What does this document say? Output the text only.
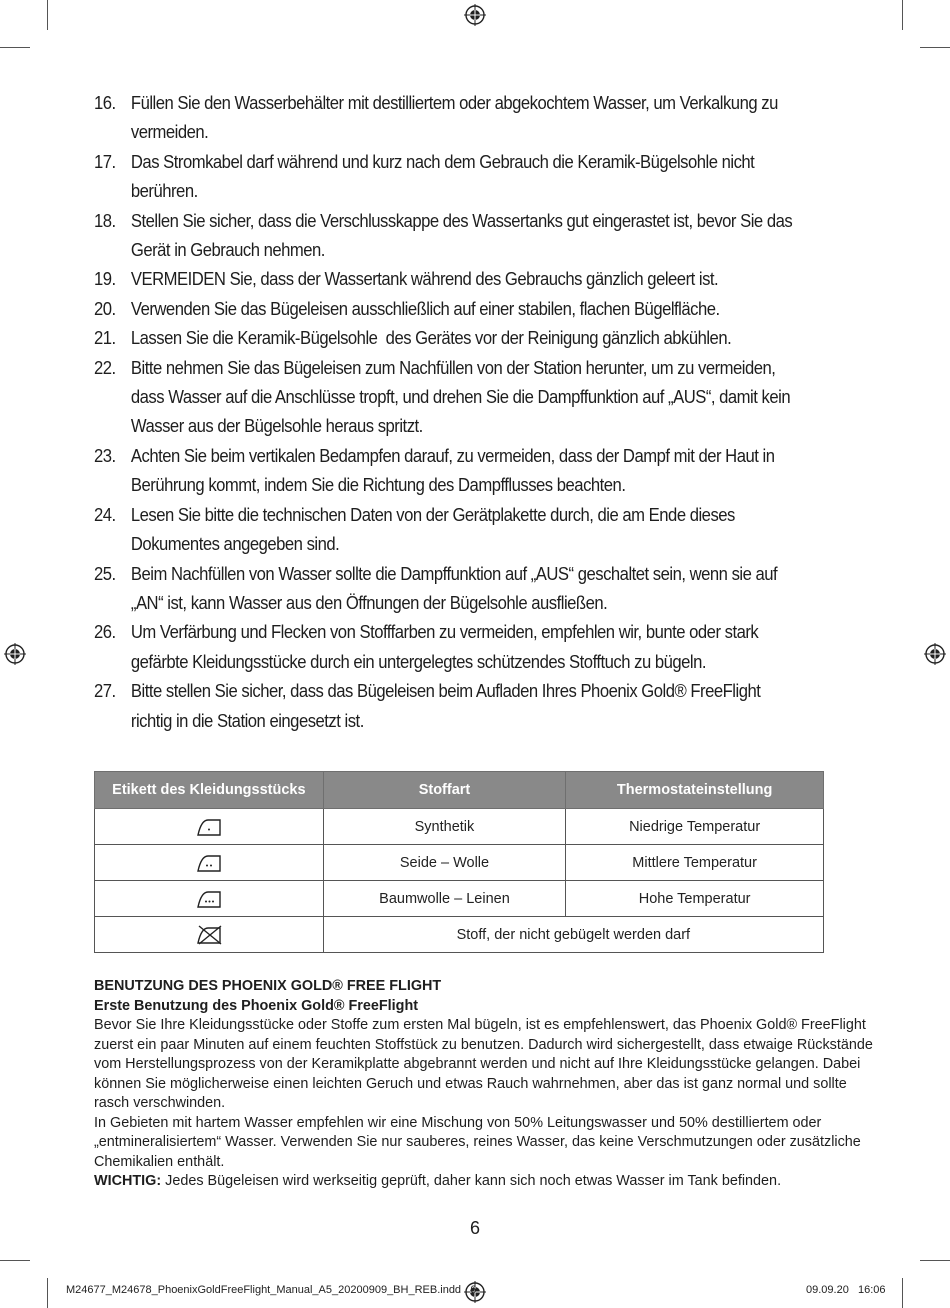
16. Füllen Sie den Wasserbehälter mit destilliertem oder abgekochtem Wasser, um Verkalkung zu
vermeiden.
17. Das Stromkabel darf während und kurz nach dem Gebrauch die Keramik-Bügelsohle nicht
berühren.
18. Stellen Sie sicher, dass die Verschlusskappe des Wassertanks gut eingerastet ist, bevor Sie das
Gerät in Gebrauch nehmen.
19. VERMEIDEN Sie, dass der Wassertank während des Gebrauchs gänzlich geleert ist.
20. Verwenden Sie das Bügeleisen ausschließlich auf einer stabilen, flachen Bügelfläche.
21. Lassen Sie die Keramik-Bügelsohle  des Gerätes vor der Reinigung gänzlich abkühlen.
22. Bitte nehmen Sie das Bügeleisen zum Nachfüllen von der Station herunter, um zu vermeiden,
dass Wasser auf die Anschlüsse tropft, und drehen Sie die Dampffunktion auf „AUS“, damit kein
Wasser aus der Bügelsohle heraus spritzt.
23. Achten Sie beim vertikalen Bedampfen darauf, zu vermeiden, dass der Dampf mit der Haut in
Berührung kommt, indem Sie die Richtung des Dampfflusses beachten.
24. Lesen Sie bitte die technischen Daten von der Gerätplakette durch, die am Ende dieses
Dokumentes angegeben sind.
25. Beim Nachfüllen von Wasser sollte die Dampffunktion auf „AUS“ geschaltet sein, wenn sie auf
„AN“ ist, kann Wasser aus den Öffnungen der Bügelsohle ausfließen.
26. Um Verfärbung und Flecken von Stofffarben zu vermeiden, empfehlen wir, bunte oder stark
gefärbte Kleidungsstücke durch ein untergelegtes schützendes Stofftuch zu bügeln.
27. Bitte stellen Sie sicher, dass das Bügeleisen beim Aufladen Ihres Phoenix Gold® FreeFlight
richtig in die Station eingesetzt ist.
Etikett des Kleidungsstücks	Stoffart	Thermostateinstellung

	Synthetik	Niedrige Temperatur

	Seide – Wolle	Mittlere Temperatur

	Baumwolle – Leinen	Hohe Temperatur

	Stoff, der nicht gebügelt werden darf	

BENUTZUNG DES PHOENIX GOLD® FREE FLIGHT

Erste Benutzung des Phoenix Gold® FreeFlight

Bevor Sie Ihre Kleidungsstücke oder Stoffe zum ersten Mal bügeln, ist es empfehlenswert, das Phoenix Gold® FreeFlight zuerst ein paar Minuten auf einem feuchten Stoffstück zu benutzen. Dadurch wird sichergestellt, dass etwaige Rückstände vom Herstellungsprozess von der Keramikplatte abgebrannt werden und nicht auf Ihre Kleidungsstücke gelangen. Dabei können Sie möglicherweise einen leichten Geruch und etwas Rauch wahrnehmen, aber das ist ganz normal und sollte rasch verschwinden.

In Gebieten mit hartem Wasser empfehlen wir eine Mischung von 50% Leitungswasser und 50% destilliertem oder „entmineralisiertem“ Wasser. Verwenden Sie nur sauberes, reines Wasser, das keine Verschmutzungen oder zusätzliche Chemikalien enthält.

WICHTIG: Jedes Bügeleisen wird werkseitig geprüft, daher kann sich noch etwas Wasser im Tank befinden.

6
M24677_M24678_PhoenixGoldFreeFlight_Manual_A5_20200909_BH_REB.indd   6	09.09.20   16:06
